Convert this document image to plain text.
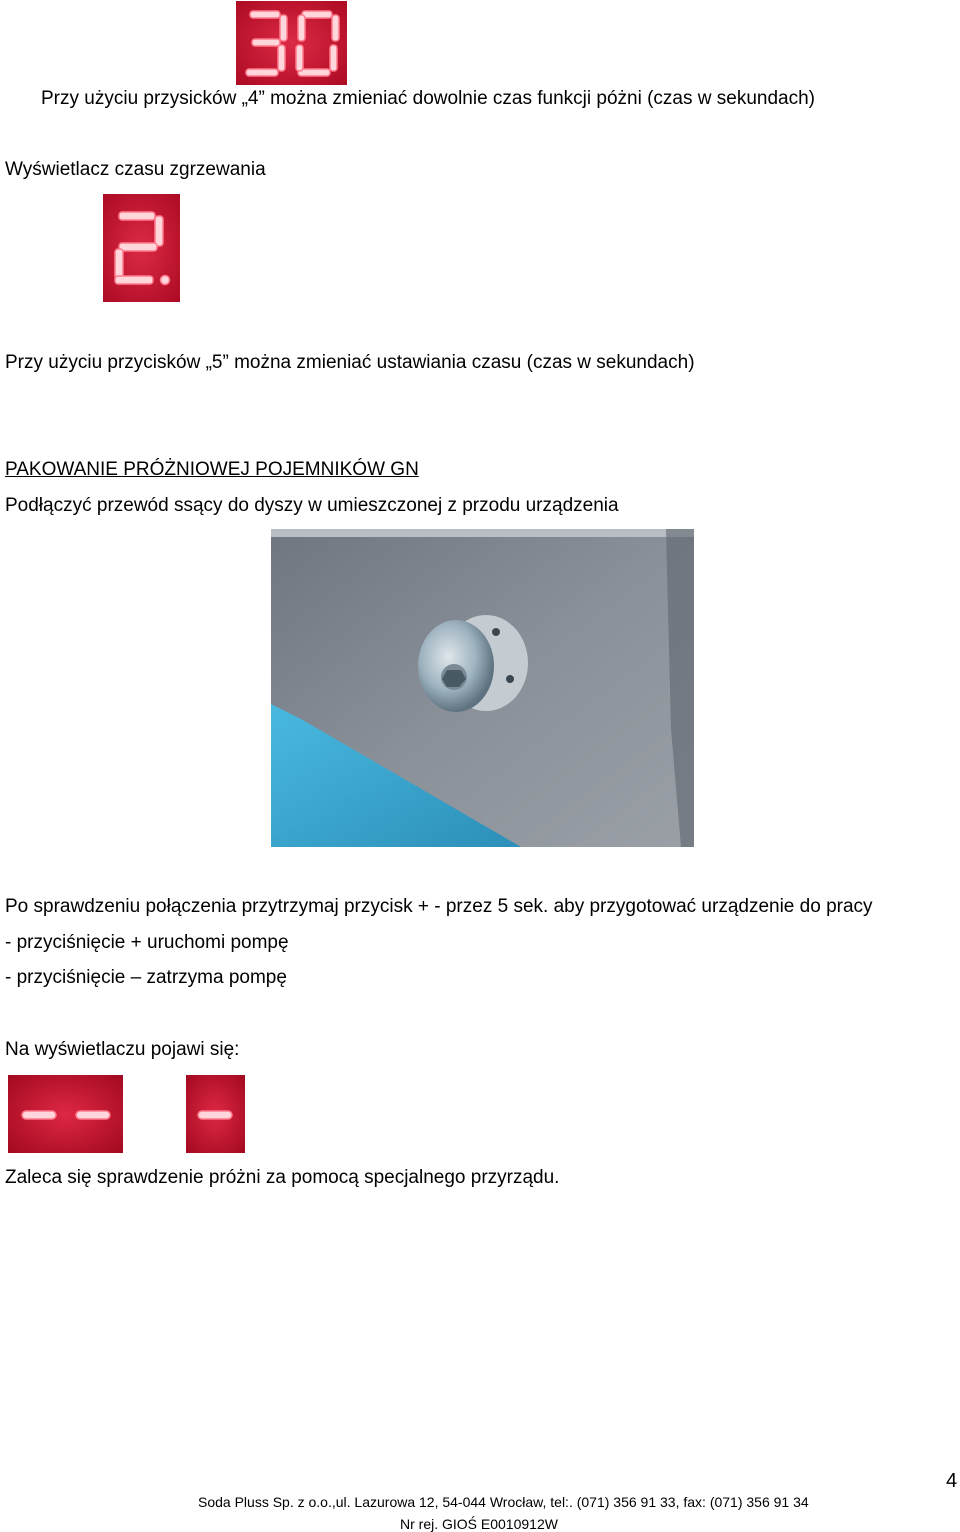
Przy użyciu przysicków „4” można zmieniać dowolnie czas funkcji póżni (czas w sekundach)
Wyświetlacz czasu zgrzewania
Przy użyciu przycisków „5” można zmieniać ustawiania czasu (czas w sekundach)
PAKOWANIE PRÓŻNIOWEJ POJEMNIKÓW GN
Podłączyć przewód ssący do dyszy w umieszczonej z przodu urządzenia
Po sprawdzeniu połączenia przytrzymaj przycisk + - przez 5 sek. aby przygotować urządzenie do pracy
- przyciśnięcie + uruchomi pompę
- przyciśnięcie – zatrzyma pompę
Na wyświetlaczu pojawi się:
Zaleca się sprawdzenie próżni za pomocą specjalnego przyrządu.
4
Soda Pluss Sp. z o.o.,ul. Lazurowa 12, 54-044 Wrocław, tel:. (071) 356 91 33, fax: (071) 356 91 34
Nr rej. GIOŚ E0010912W
